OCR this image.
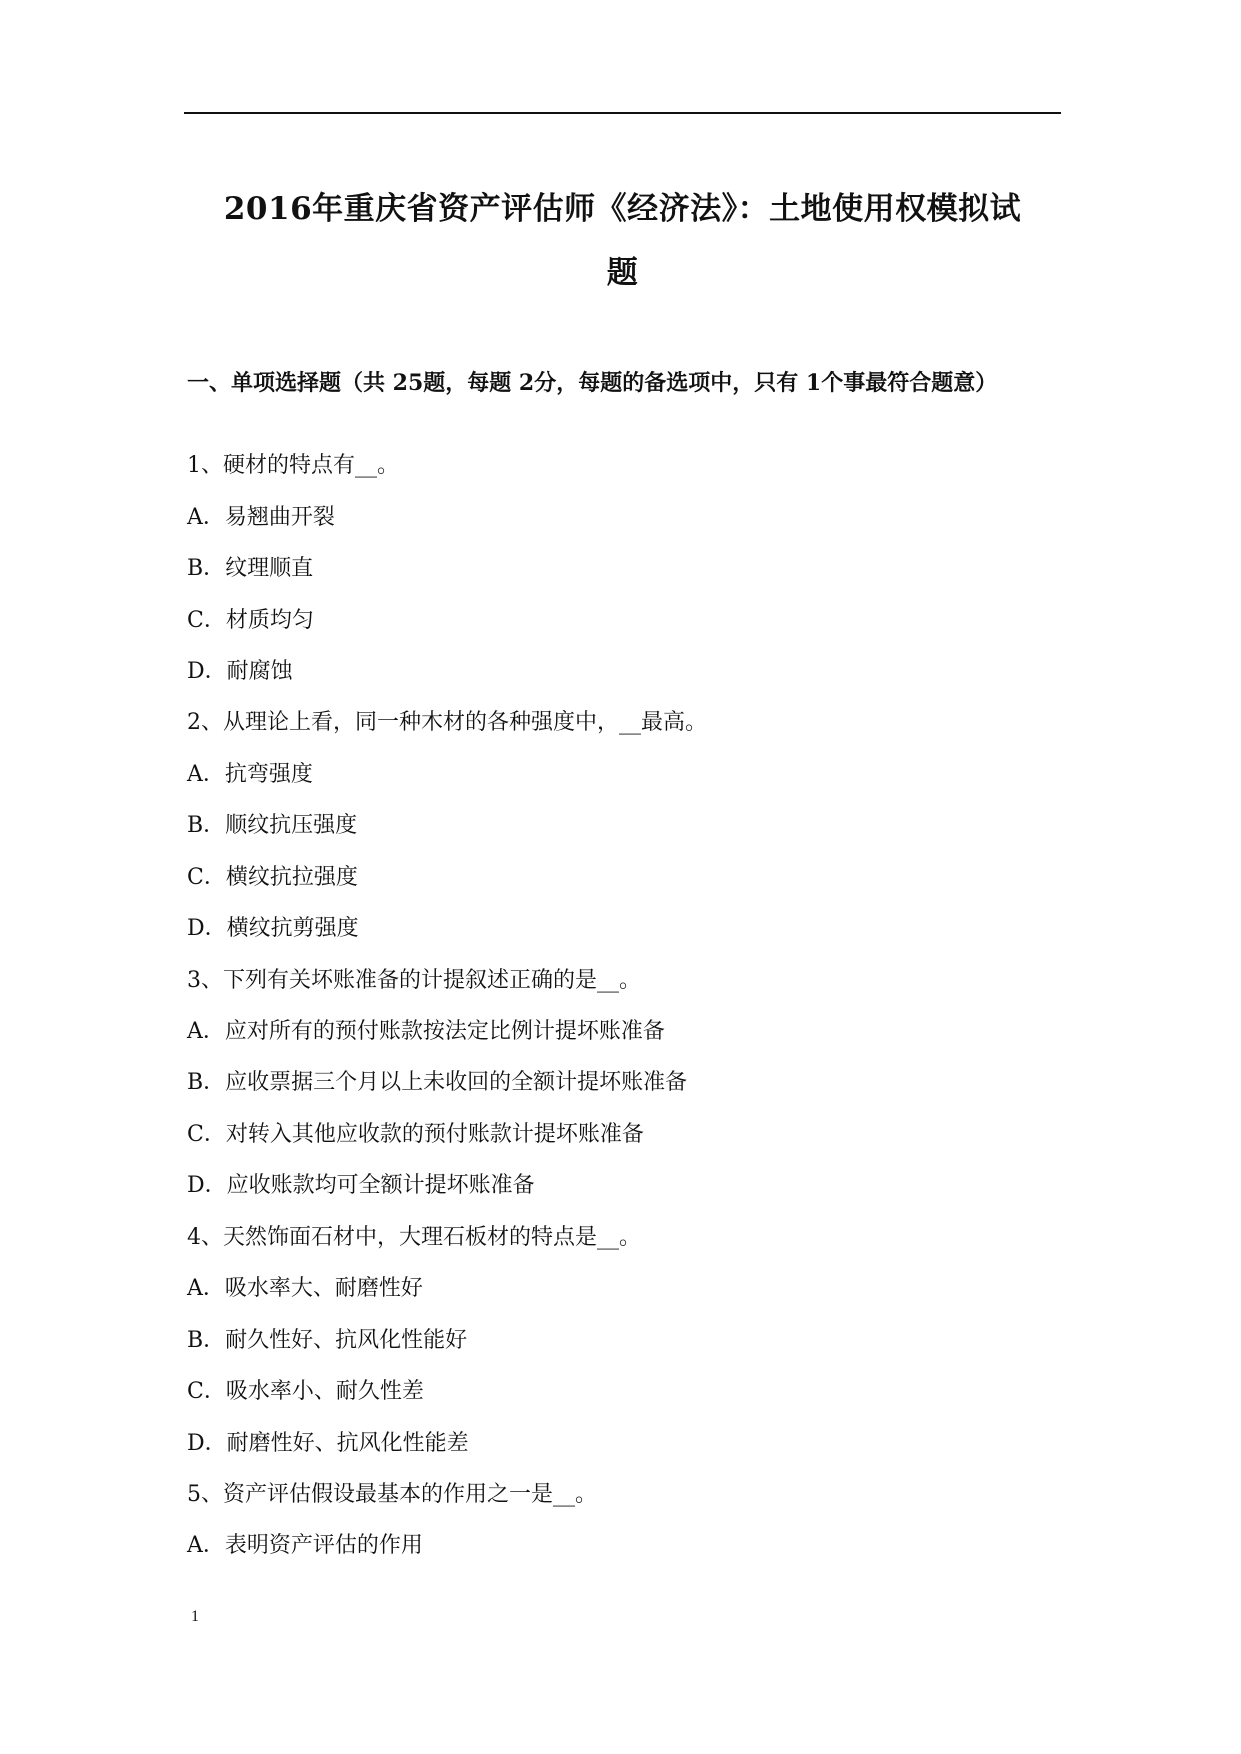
2016年重庆省资产评估师《经济法》：土地使用权模拟试
题

一、单项选择题（共 25题，每题 2分，每题的备选项中，只有 1个事最符合题意）

1、硬材的特点有__。

A．易翘曲开裂

B．纹理顺直

C．材质均匀

D．耐腐蚀

2、从理论上看，同一种木材的各种强度中，__最高。

A．抗弯强度

B．顺纹抗压强度

C．横纹抗拉强度

D．横纹抗剪强度

3、下列有关坏账准备的计提叙述正确的是__。

A．应对所有的预付账款按法定比例计提坏账准备

B．应收票据三个月以上未收回的全额计提坏账准备

C．对转入其他应收款的预付账款计提坏账准备

D．应收账款均可全额计提坏账准备

4、天然饰面石材中，大理石板材的特点是__。

A．吸水率大、耐磨性好

B．耐久性好、抗风化性能好

C．吸水率小、耐久性差

D．耐磨性好、抗风化性能差

5、资产评估假设最基本的作用之一是__。

A．表明资产评估的作用

1
